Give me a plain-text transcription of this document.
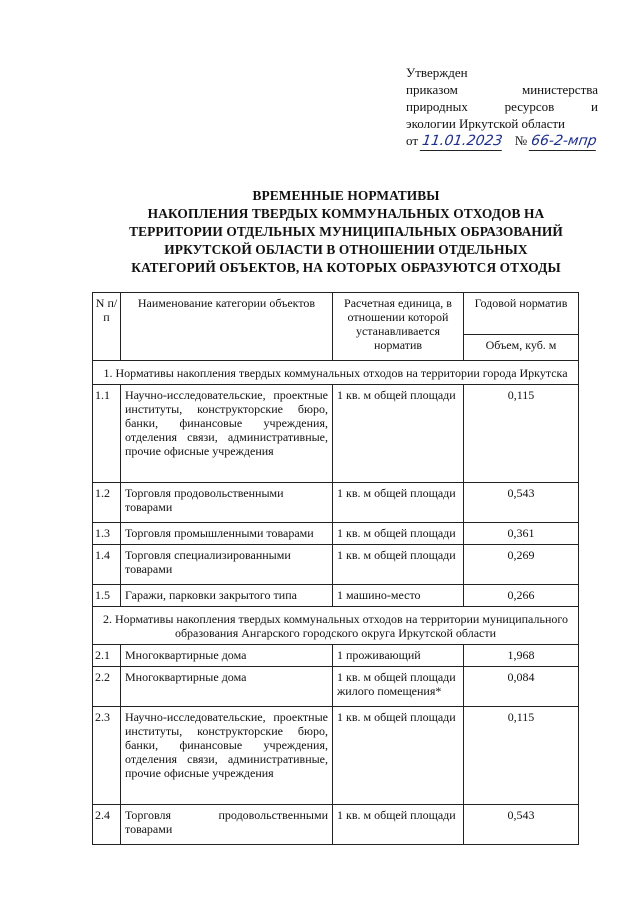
Утвержден
приказом министерства
природных ресурсов и
экологии Иркутской области
от 11.01.2023 № 66-2-мпр
ВРЕМЕННЫЕ НОРМАТИВЫ
НАКОПЛЕНИЯ ТВЕРДЫХ КОММУНАЛЬНЫХ ОТХОДОВ НА
ТЕРРИТОРИИ ОТДЕЛЬНЫХ МУНИЦИПАЛЬНЫХ ОБРАЗОВАНИЙ
ИРКУТСКОЙ ОБЛАСТИ В ОТНОШЕНИИ ОТДЕЛЬНЫХ
КАТЕГОРИЙ ОБЪЕКТОВ, НА КОТОРЫХ ОБРАЗУЮТСЯ ОТХОДЫ
N п/п	Наименование категории объектов	Расчетная единица, в отношении которой устанавливается норматив	Годовой норматив
			Объем, куб. м
1. Нормативы накопления твердых коммунальных отходов на территории города Иркутска			
1.1	Научно-исследовательские, проектные институты, конструкторские бюро, банки, финансовые учреждения, отделения связи, административные, прочие офисные учреждения	1 кв. м общей площади	0,115
1.2	Торговля продовольственными товарами	1 кв. м общей площади	0,543
1.3	Торговля промышленными товарами	1 кв. м общей площади	0,361
1.4	Торговля специализированными товарами	1 кв. м общей площади	0,269
1.5	Гаражи, парковки закрытого типа	1 машино-место	0,266
2. Нормативы накопления твердых коммунальных отходов на территории муниципального образования Ангарского городского округа Иркутской области			
2.1	Многоквартирные дома	1 проживающий	1,968
2.2	Многоквартирные дома	1 кв. м общей площади жилого помещения*	0,084
2.3	Научно-исследовательские, проектные институты, конструкторские бюро, банки, финансовые учреждения, отделения связи, административные, прочие офисные учреждения	1 кв. м общей площади	0,115
2.4	Торговля продовольственными товарами	1 кв. м общей площади	0,543
